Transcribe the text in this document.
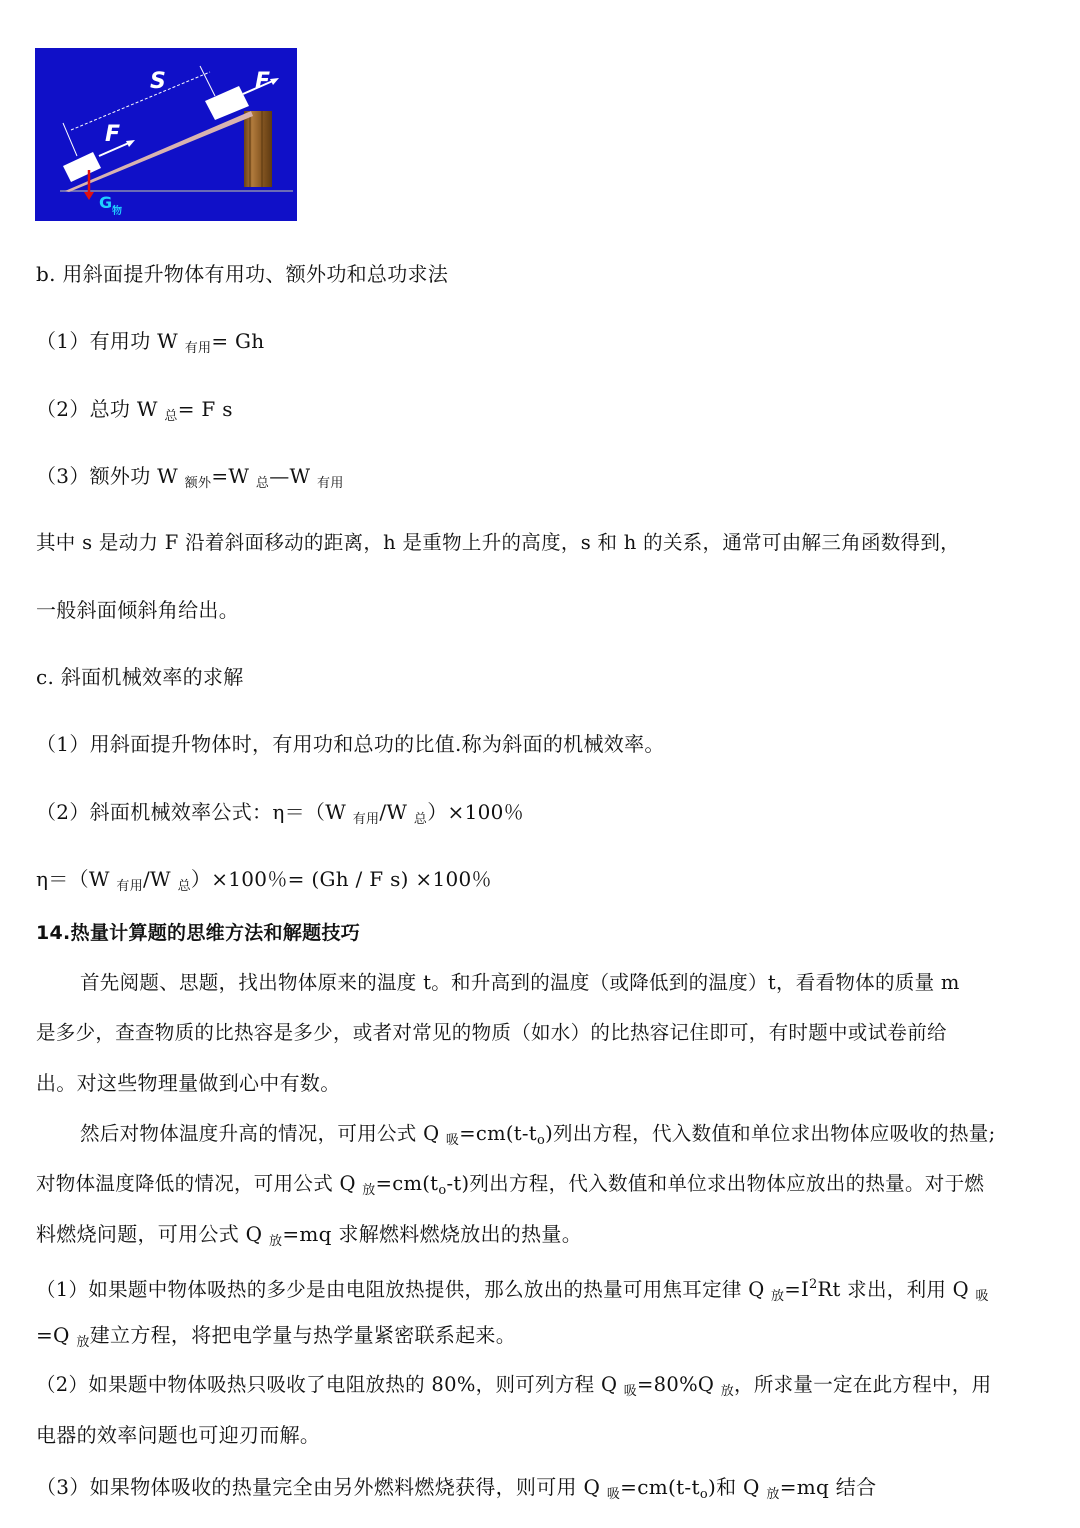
S
F
F
G 物
b. 用斜面提升物体有用功、额外功和总功求法
（1）有用功 W $_{有用}$= Gh
（2）总功 W $_总$= F s
（3）额外功 W $_{额外}$=W $_总$—W $_{有用}$
其中 s 是动力 F 沿着斜面移动的距离，h 是重物上升的高度，s 和 h 的关系，通常可由解三角函数得到，
一般斜面倾斜角给出。
c. 斜面机械效率的求解
（1）用斜面提升物体时，有用功和总功的比值.称为斜面的机械效率。
（2）斜面机械效率公式：η＝（W $_{有用}$/W $_总$）×100％
η＝（W $_{有用}$/W $_总$）×100％= (Gh / F s) ×100％
14.热量计算题的思维方法和解题技巧
首先阅题、思题，找出物体原来的温度 t。和升高到的温度（或降低到的温度）t，看看物体的质量 m
是多少，查查物质的比热容是多少，或者对常见的物质（如水）的比热容记住即可，有时题中或试卷前给
出。对这些物理量做到心中有数。
然后对物体温度升高的情况，可用公式 Q $_吸=cm(t-t_o)$列出方程，代入数值和单位求出物体应吸收的热量;
对物体温度降低的情况，可用公式 Q $_放=cm(t_o-t)$列出方程，代入数值和单位求出物体应放出的热量。对于燃
料燃烧问题，可用公式 Q $_放$=mq 求解燃料燃烧放出的热量。
（1）如果题中物体吸热的多少是由电阻放热提供，那么放出的热量可用焦耳定律 Q $_放=I^2Rt$ 求出，利用 Q $_吸$
=Q $_放$建立方程，将把电学量与热学量紧密联系起来。
（2）如果题中物体吸热只吸收了电阻放热的 80%，则可列方程 Q $_吸$=80%Q $_放$，所求量一定在此方程中，用
电器的效率问题也可迎刃而解。
（3）如果物体吸收的热量完全由另外燃料燃烧获得，则可用 Q $_吸=cm(t-t_o)$和 Q $_放$=mq 结合
